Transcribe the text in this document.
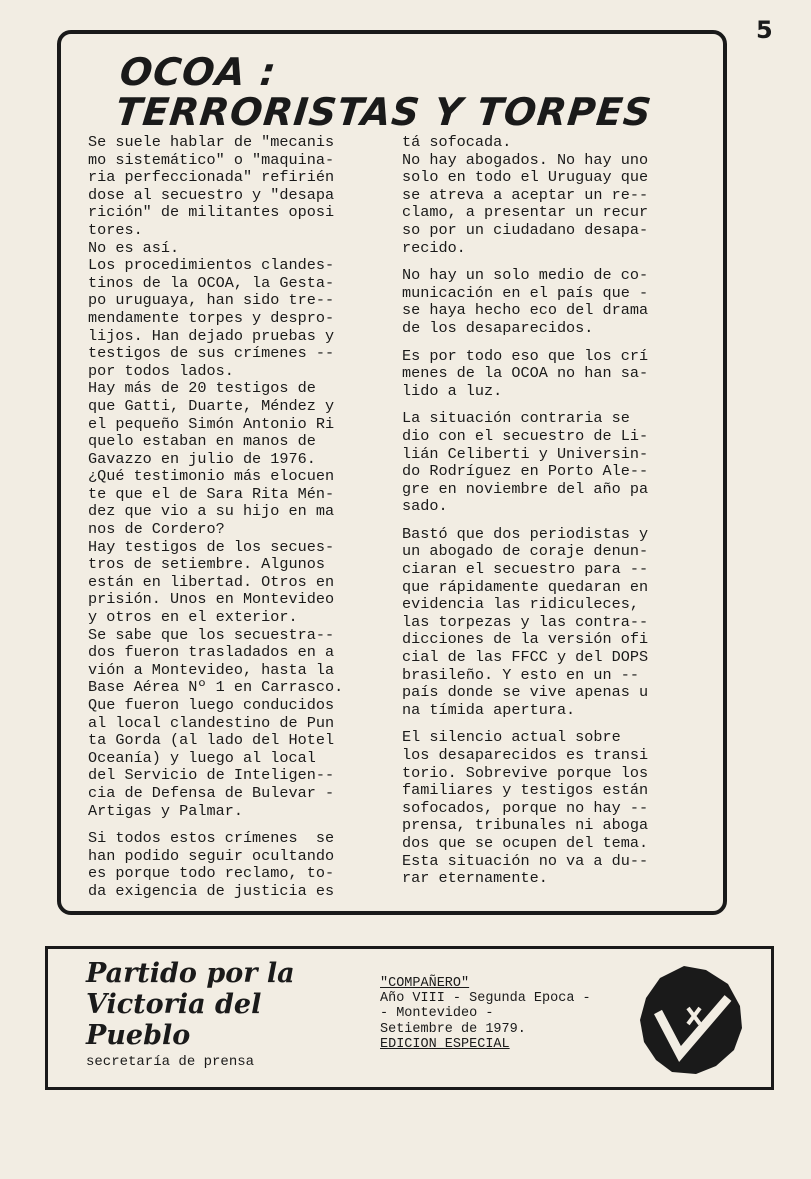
5
OCOA :
TERRORISTAS Y TORPES
Se suele hablar de "mecanis
mo sistemático" o "maquina-
ria perfeccionada" refirién
dose al secuestro y "desapa
rición" de militantes oposi
tores.
No es así.
Los procedimientos clandes-
tinos de la OCOA, la Gesta-
po uruguaya, han sido tre--
mendamente torpes y despro-
lijos. Han dejado pruebas y
testigos de sus crímenes --
por todos lados.
Hay más de 20 testigos de
que Gatti, Duarte, Méndez y
el pequeño Simón Antonio Ri
quelo estaban en manos de
Gavazzo en julio de 1976.
¿Qué testimonio más elocuen
te que el de Sara Rita Mén-
dez que vio a su hijo en ma
nos de Cordero?
Hay testigos de los secues-
tros de setiembre. Algunos
están en libertad. Otros en
prisión. Unos en Montevideo
y otros en el exterior.
Se sabe que los secuestra--
dos fueron trasladados en a
vión a Montevideo, hasta la
Base Aérea Nº 1 en Carrasco.
Que fueron luego conducidos
al local clandestino de Pun
ta Gorda (al lado del Hotel
Oceanía) y luego al local
del Servicio de Inteligen--
cia de Defensa de Bulevar -
Artigas y Palmar.
Si todos estos crímenes  se
han podido seguir ocultando
es porque todo reclamo, to-
da exigencia de justicia es
tá sofocada.
No hay abogados. No hay uno
solo en todo el Uruguay que
se atreva a aceptar un re--
clamo, a presentar un recur
so por un ciudadano desapa-
recido.
No hay un solo medio de co-
municación en el país que -
se haya hecho eco del drama
de los desaparecidos.
Es por todo eso que los crí
menes de la OCOA no han sa-
lido a luz.
La situación contraria se
dio con el secuestro de Li-
lián Celiberti y Universin-
do Rodríguez en Porto Ale--
gre en noviembre del año pa
sado.
Bastó que dos periodistas y
un abogado de coraje denun-
ciaran el secuestro para --
que rápidamente quedaran en
evidencia las ridiculeces,
las torpezas y las contra--
dicciones de la versión ofi
cial de las FFCC y del DOPS
brasileño. Y esto en un --
país donde se vive apenas u
na tímida apertura.
El silencio actual sobre
los desaparecidos es transi
torio. Sobrevive porque los
familiares y testigos están
sofocados, porque no hay --
prensa, tribunales ni aboga
dos que se ocupen del tema.
Esta situación no va a du--
rar eternamente.
Partido por la
Victoria del
Pueblo
secretaría de prensa
"COMPAÑERO"
Año VIII - Segunda Epoca -
- Montevideo -
Setiembre de 1979.
EDICION ESPECIAL
